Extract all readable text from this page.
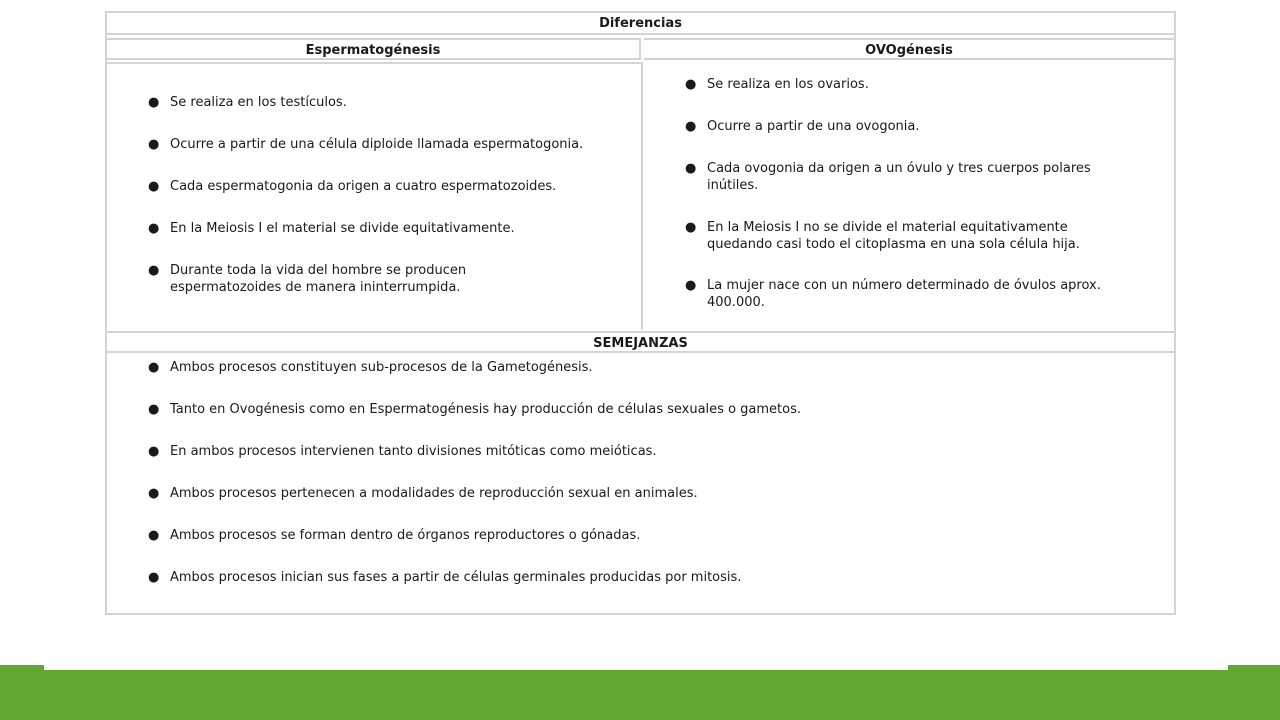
Diferencias
Espermatogénesis	OVOgénesis
● Se realiza en los testículos.
● Ocurre a partir de una célula diploide llamada espermatogonia.
● Cada espermatogonia da origen a cuatro espermatozoides.
● En la Meiosis I el material se divide equitativamente.
● Durante toda la vida del hombre se producen espermatozoides de manera ininterrumpida.
● Se realiza en los ovarios.
● Ocurre a partir de una ovogonia.
● Cada ovogonia da origen a un óvulo y tres cuerpos polares inútiles.
● En la Meiosis I no se divide el material equitativamente quedando casi todo el citoplasma en una sola célula hija.
● La mujer nace con un número determinado de óvulos aprox. 400.000.
SEMEJANZAS
● Ambos procesos constituyen sub-procesos de la Gametogénesis.
● Tanto en Ovogénesis como en Espermatogénesis hay producción de células sexuales o gametos.
● En ambos procesos intervienen tanto divisiones mitóticas como meióticas.
● Ambos procesos pertenecen a modalidades de reproducción sexual en animales.
● Ambos procesos se forman dentro de órganos reproductores o gónadas.
● Ambos procesos inician sus fases a partir de células germinales producidas por mitosis.
